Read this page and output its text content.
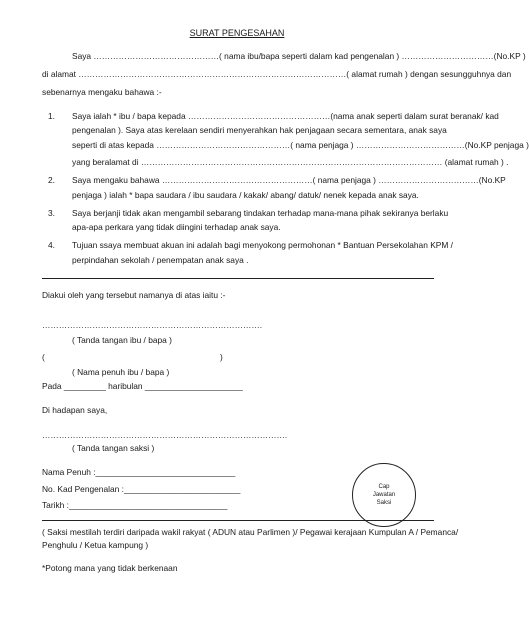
SURAT PENGESAHAN
Saya ………………………………………( nama ibu/bapa seperti dalam kad pengenalan ) ……………………………(No.KP )
di alamat ……………………………………………………………………………………( alamat rumah ) dengan sesungguhnya dan
sebenarnya mengaku bahawa :-
1. Saya ialah * ibu / bapa kepada ……………………………………………(nama anak seperti dalam surat beranak/ kad
pengenalan ). Saya atas kerelaan sendiri menyerahkan hak penjagaan secara sementara, anak saya
seperti di atas kepada …………………………………………( nama penjaga ) …………………………………(No.KP penjaga )
yang beralamat di ……………………………………………………………………………………………… (alamat rumah ) .
2. Saya mengaku bahawa ………………………………………………( nama penjaga ) ………………………………(No.KP
penjaga ) ialah * bapa saudara / ibu saudara / kakak/ abang/ datuk/ nenek kepada anak saya.
3. Saya berjanji tidak akan mengambil sebarang tindakan terhadap mana-mana pihak sekiranya berlaku
apa-apa perkara yang tidak diingini terhadap anak saya.
4. Tujuan ssaya membuat akuan ini adalah bagi menyokong permohonan * Bantuan Persekolahan KPM /
perpindahan sekolah / penempatan anak saya .
Diakui oleh yang tersebut namanya di atas iaitu :-
…………………………………………………………………….
( Tanda tangan ibu / bapa )
(	)
( Nama penuh ibu / bapa )
Pada _________ haribulan _____________________
Di hadapan saya,
…………………………………………………………………………….
( Tanda tangan saksi )
Nama Penuh :______________________________
No. Kad Pengenalan :_________________________
Tarikh :__________________________________
Cap
Jawatan
Saksi
( Saksi mestilah terdiri daripada wakil rakyat ( ADUN atau Parlimen )/ Pegawai kerajaan Kumpulan A / Pemanca/
Penghulu / Ketua kampung )
*Potong mana yang tidak berkenaan
